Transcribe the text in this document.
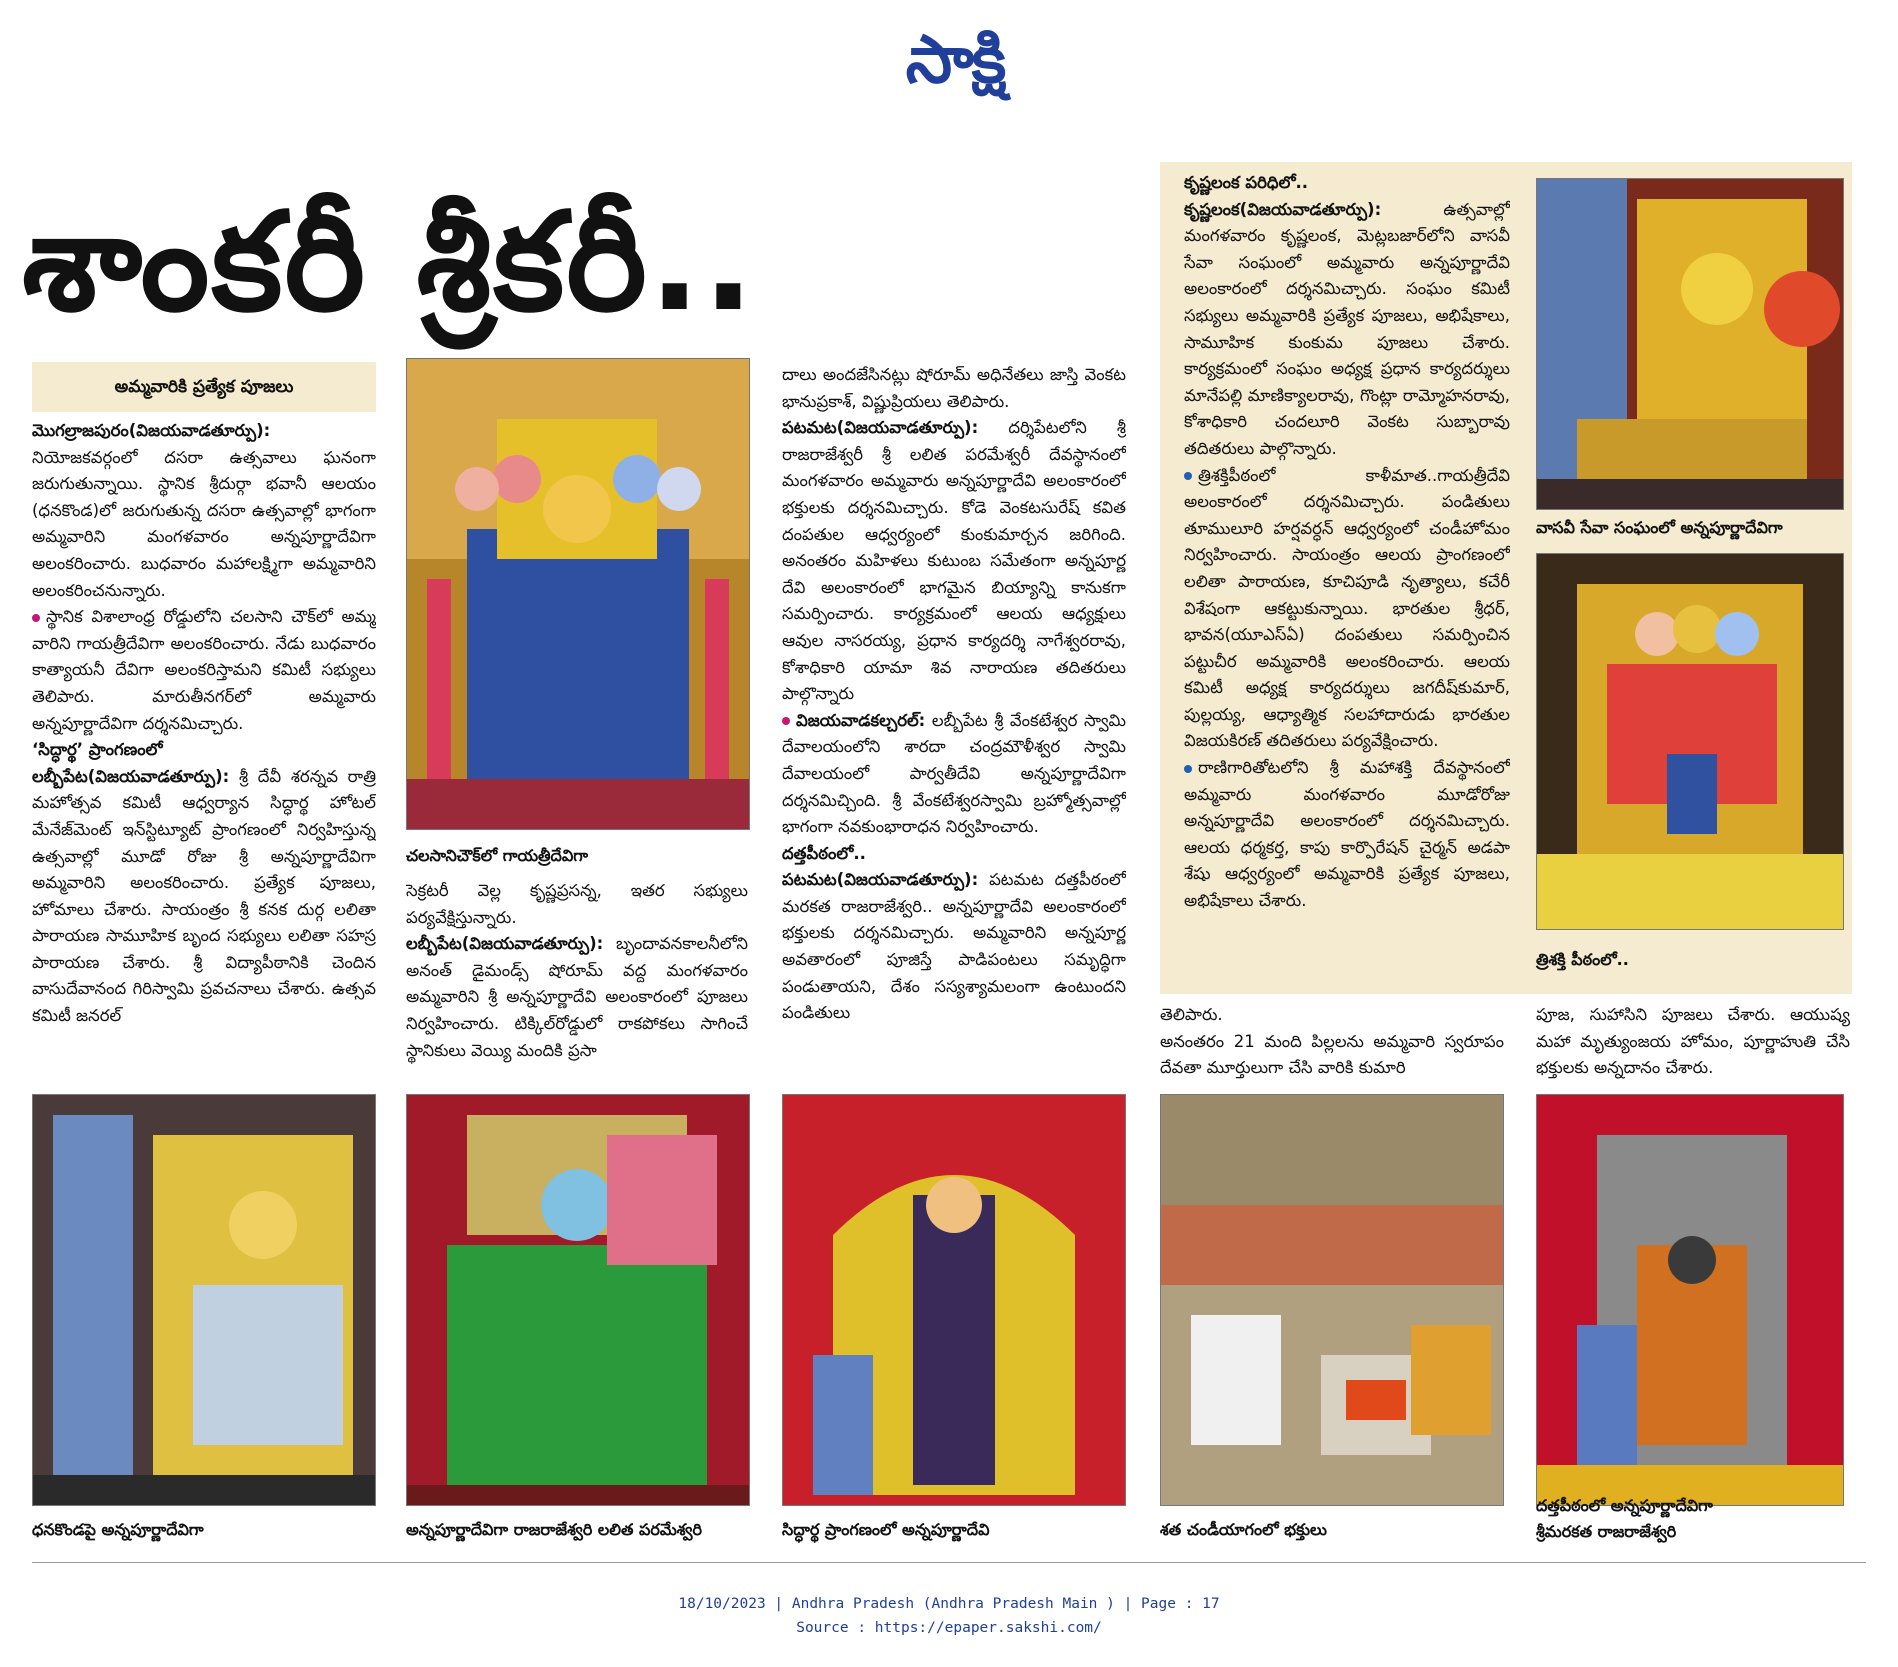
సాక్షి
శాంకరీ శ్రీకరీ..
అమ్మవారికి ప్రత్యేక పూజలు

మొగల్రాజపురం(విజయవాడతూర్పు): నియోజకవర్గంలో దసరా ఉత్సవాలు ఘనంగా జరుగుతున్నాయి. స్థానిక శ్రీదుర్గా భవానీ ఆలయం (ధనకొండ)లో జరుగుతున్న దసరా ఉత్సవాల్లో భాగంగా అమ్మవారిని మంగళవారం అన్నపూర్ణాదేవిగా అలంకరించారు. బుధవారం మహాలక్ష్మిగా అమ్మవారిని అలంకరించనున్నారు.

స్థానిక విశాలాంధ్ర రోడ్డులోని చలసాని చౌక్‌లో అమ్మ వారిని గాయత్రీదేవిగా అలంకరించారు. నేడు బుధవారం కాత్యాయనీ దేవిగా అలంకరిస్తామని కమిటీ సభ్యులు తెలిపారు. మారుతీనగర్‌లో అమ్మవారు అన్నపూర్ణాదేవిగా దర్శనమిచ్చారు.

‘సిద్ధార్థ’ ప్రాంగణంలో

లబ్బీపేట(విజయవాడతూర్పు): శ్రీ దేవీ శరన్నవ రాత్రి మహోత్సవ కమిటీ ఆధ్వర్యాన సిద్ధార్థ హోటల్ మేనేజ్‌మెంట్ ఇన్‌స్టిట్యూట్ ప్రాంగణంలో నిర్వహిస్తున్న ఉత్సవాల్లో మూడో రోజు శ్రీ అన్నపూర్ణాదేవిగా అమ్మవారిని అలంకరించారు. ప్రత్యేక పూజలు, హోమాలు చేశారు. సాయంత్రం శ్రీ కనక దుర్గ లలితా పారాయణ సామూహిక బృంద సభ్యులు లలితా సహస్ర పారాయణ చేశారు. శ్రీ విద్యాపీఠానికి చెందిన వాసుదేవానంద గిరిస్వామి ప్రవచనాలు చేశారు. ఉత్సవ కమిటీ జనరల్

చలసానిచౌక్‌లో గాయత్రీదేవిగా

సెక్రటరీ వెల్ల కృష్ణప్రసన్న, ఇతర సభ్యులు పర్యవేక్షిస్తున్నారు.

లబ్బీపేట(విజయవాడతూర్పు): బృందావనకాలనీలోని అనంత్ డైమండ్స్ షోరూమ్ వద్ద మంగళవారం అమ్మవారిని శ్రీ అన్నపూర్ణాదేవి అలంకారంలో పూజలు నిర్వహించారు. టిక్కిల్‌రోడ్డులో రాకపోకలు సాగించే స్థానికులు వెయ్యి మందికి ప్రసా

దాలు అందజేసినట్లు షోరూమ్ అధినేతలు జాస్తి వెంకట భానుప్రకాశ్, విష్ణుప్రియలు తెలిపారు.

పటమట(విజయవాడతూర్పు): దర్శిపేటలోని శ్రీ రాజరాజేశ్వరీ శ్రీ లలిత పరమేశ్వరీ దేవస్థానంలో మంగళవారం అమ్మవారు అన్నపూర్ణాదేవి అలంకారంలో భక్తులకు దర్శనమిచ్చారు. కోడె వెంకటసురేష్ కవిత దంపతుల ఆధ్వర్యంలో కుంకుమార్చన జరిగింది. అనంతరం మహిళలు కుటుంబ సమేతంగా అన్నపూర్ణ దేవి అలంకారంలో భాగమైన బియ్యాన్ని కానుకగా సమర్పించారు. కార్యక్రమంలో ఆలయ ఆధ్యక్షులు ఆవుల నాసరయ్య, ప్రధాన కార్యదర్శి నాగేశ్వరరావు, కోశాధికారి యామా శివ నారాయణ తదితరులు పాల్గొన్నారు

విజయవాడకల్చరల్: లబ్బీపేట శ్రీ వేంకటేశ్వర స్వామి దేవాలయంలోని శారదా చంద్రమౌళీశ్వర స్వామి దేవాలయంలో పార్వతీదేవి అన్నపూర్ణాదేవిగా దర్శనమిచ్చింది. శ్రీ వేంకటేశ్వరస్వామి బ్రహ్మోత్సవాల్లో భాగంగా నవకుంభారాధన నిర్వహించారు.

దత్తపీఠంలో..

పటమట(విజయవాడతూర్పు): పటమట దత్తపీఠంలో మరకత రాజరాజేశ్వరి.. అన్నపూర్ణాదేవి అలంకారంలో భక్తులకు దర్శనమిచ్చారు. అమ్మవారిని అన్నపూర్ణ అవతారంలో పూజిస్తే పాడిపంటలు సమృద్ధిగా పండుతాయని, దేశం సస్యశ్యామలంగా ఉంటుందని పండితులు

కృష్ణలంక పరిధిలో..

కృష్ణలంక(విజయవాడతూర్పు): ఉత్సవాల్లో మంగళవారం కృష్ణలంక, మెట్లబజార్‌లోని వాసవీ సేవా సంఘంలో అమ్మవారు అన్నపూర్ణాదేవి అలంకారంలో దర్శనమిచ్చారు. సంఘం కమిటీ సభ్యులు అమ్మవారికి ప్రత్యేక పూజలు, అభిషేకాలు, సామూహిక కుంకుమ పూజలు చేశారు. కార్యక్రమంలో సంఘం అధ్యక్ష ప్రధాన కార్యదర్శులు మానేపల్లి మాణిక్యాలరావు, గొంట్లా రామ్మోహనరావు, కోశాధికారి చందలూరి వెంకట సుబ్బారావు తదితరులు పాల్గొన్నారు.

త్రిశక్తిపీఠంలో కాళీమాత..గాయత్రీదేవి అలంకారంలో దర్శనమిచ్చారు. పండితులు తూములూరి హర్షవర్ధన్ ఆధ్వర్యంలో చండీహోమం నిర్వహించారు. సాయంత్రం ఆలయ ప్రాంగణంలో లలితా పారాయణ, కూచిపూడి నృత్యాలు, కచేరీ విశేషంగా ఆకట్టుకున్నాయి. భారతుల శ్రీధర్, భావన(యూఎస్‌ఏ) దంపతులు సమర్పించిన పట్టుచీర అమ్మవారికి అలంకరించారు. ఆలయ కమిటీ అధ్యక్ష కార్యదర్శులు జగదీష్‌కుమార్, పుల్లయ్య, ఆధ్యాత్మిక సలహాదారుడు భారతుల విజయకిరణ్ తదితరులు పర్యవేక్షించారు.

రాణిగారితోటలోని శ్రీ మహాశక్తి దేవస్థానంలో అమ్మవారు మంగళవారం మూడోరోజు అన్నపూర్ణాదేవి అలంకారంలో దర్శనమిచ్చారు. ఆలయ ధర్మకర్త, కాపు కార్పొరేషన్ చైర్మన్ అడపా శేషు ఆధ్వర్యంలో అమ్మవారికి ప్రత్యేక పూజలు, అభిషేకాలు చేశారు.

వాసవీ సేవా సంఘంలో అన్నపూర్ణాదేవిగా
త్రిశక్తి పీఠంలో..

తెలిపారు.

అనంతరం 21 మంది పిల్లలను అమ్మవారి స్వరూపం దేవతా మూర్తులుగా చేసి వారికి కుమారి

పూజ, సుహాసిని పూజలు చేశారు. ఆయుష్య మహా మృత్యుంజయ హోమం, పూర్ణాహుతి చేసి భక్తులకు అన్నదానం చేశారు.

ధనకొండపై అన్నపూర్ణాదేవిగా	అన్నపూర్ణాదేవిగా రాజరాజేశ్వరి లలిత పరమేశ్వరి	సిద్ధార్థ ప్రాంగణంలో అన్నపూర్ణాదేవి	శత చండీయాగంలో భక్తులు
దత్తపీఠంలో అన్నపూర్ణాదేవిగా
శ్రీమరకత రాజరాజేశ్వరి
18/10/2023 | Andhra Pradesh (Andhra Pradesh Main ) | Page : 17
Source : https://epaper.sakshi.com/
